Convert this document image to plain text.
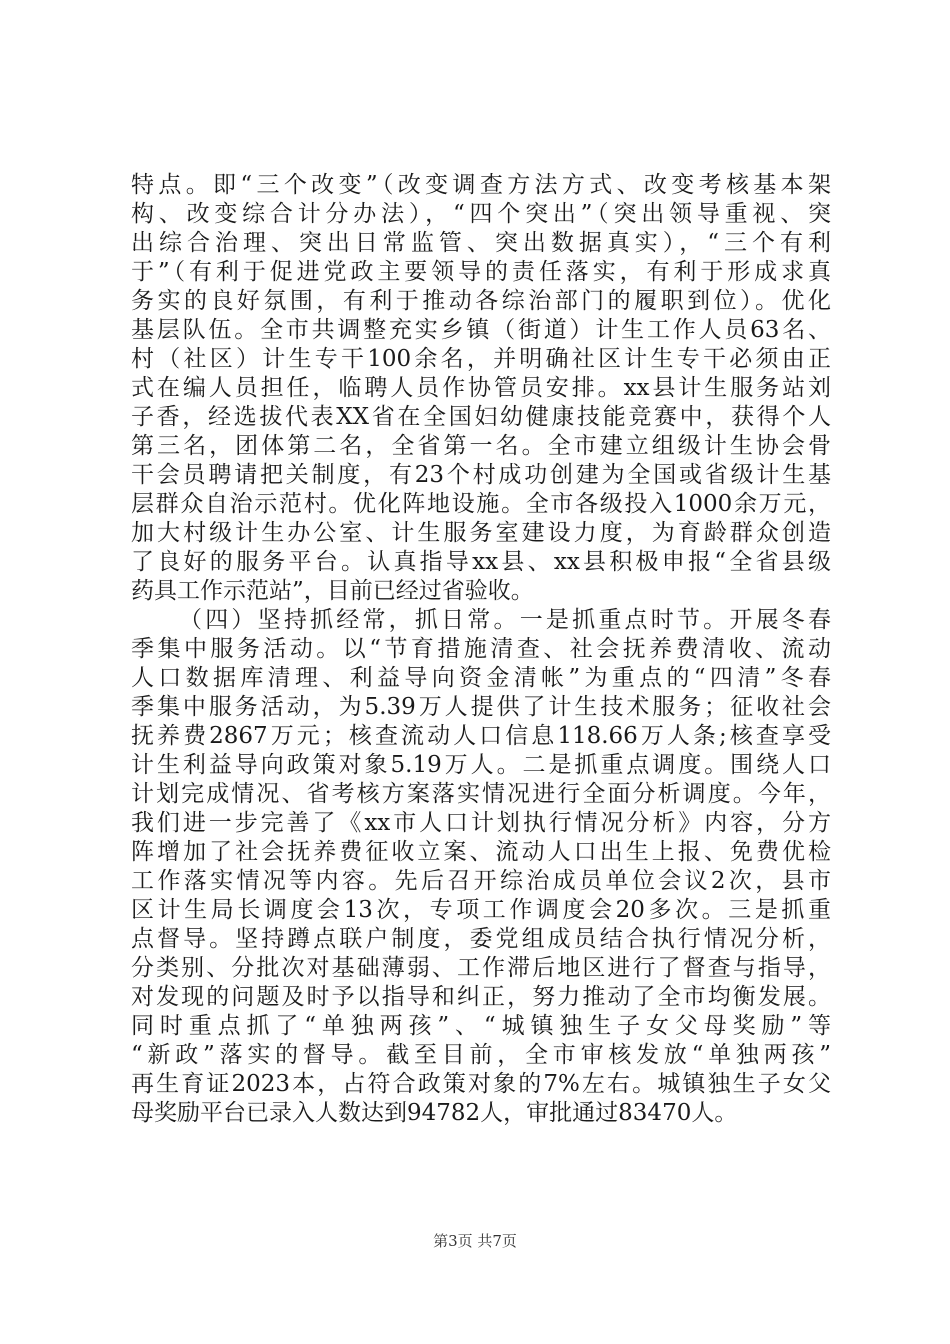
特点。即“三个改变”（改变调查方法方式、改变考核基本架
构、改变综合计分办法），“四个突出”（突出领导重视、突
出综合治理、突出日常监管、突出数据真实），“三个有利
于”（有利于促进党政主要领导的责任落实，有利于形成求真
务实的良好氛围，有利于推动各综治部门的履职到位）。优化
基层队伍。全市共调整充实乡镇（街道）计生工作人员63名、
村（社区）计生专干100余名，并明确社区计生专干必须由正
式在编人员担任，临聘人员作协管员安排。xx县计生服务站刘
子香，经选拔代表XX省在全国妇幼健康技能竞赛中，获得个人
第三名，团体第二名，全省第一名。全市建立组级计生协会骨
干会员聘请把关制度，有23个村成功创建为全国或省级计生基
层群众自治示范村。优化阵地设施。全市各级投入1000余万元，
加大村级计生办公室、计生服务室建设力度，为育龄群众创造
了良好的服务平台。认真指导xx县、xx县积极申报“全省县级
药具工作示范站”，目前已经过省验收。
（四）坚持抓经常，抓日常。一是抓重点时节。开展冬春
季集中服务活动。以“节育措施清查、社会抚养费清收、流动
人口数据库清理、利益导向资金清帐”为重点的“四清”冬春
季集中服务活动，为5.39万人提供了计生技术服务；征收社会
抚养费2867万元；核查流动人口信息118.66万人条;核查享受
计生利益导向政策对象5.19万人。二是抓重点调度。围绕人口
计划完成情况、省考核方案落实情况进行全面分析调度。今年，
我们进一步完善了《xx市人口计划执行情况分析》内容，分方
阵增加了社会抚养费征收立案、流动人口出生上报、免费优检
工作落实情况等内容。先后召开综治成员单位会议2次，县市
区计生局长调度会13次，专项工作调度会20多次。三是抓重
点督导。坚持蹲点联户制度，委党组成员结合执行情况分析，
分类别、分批次对基础薄弱、工作滞后地区进行了督查与指导，
对发现的问题及时予以指导和纠正，努力推动了全市均衡发展。
同时重点抓了“单独两孩”、“城镇独生子女父母奖励”等
“新政”落实的督导。截至目前，全市审核发放“单独两孩”
再生育证2023本，占符合政策对象的7%左右。城镇独生子女父
母奖励平台已录入人数达到94782人，审批通过83470人。
第3页 共7页
